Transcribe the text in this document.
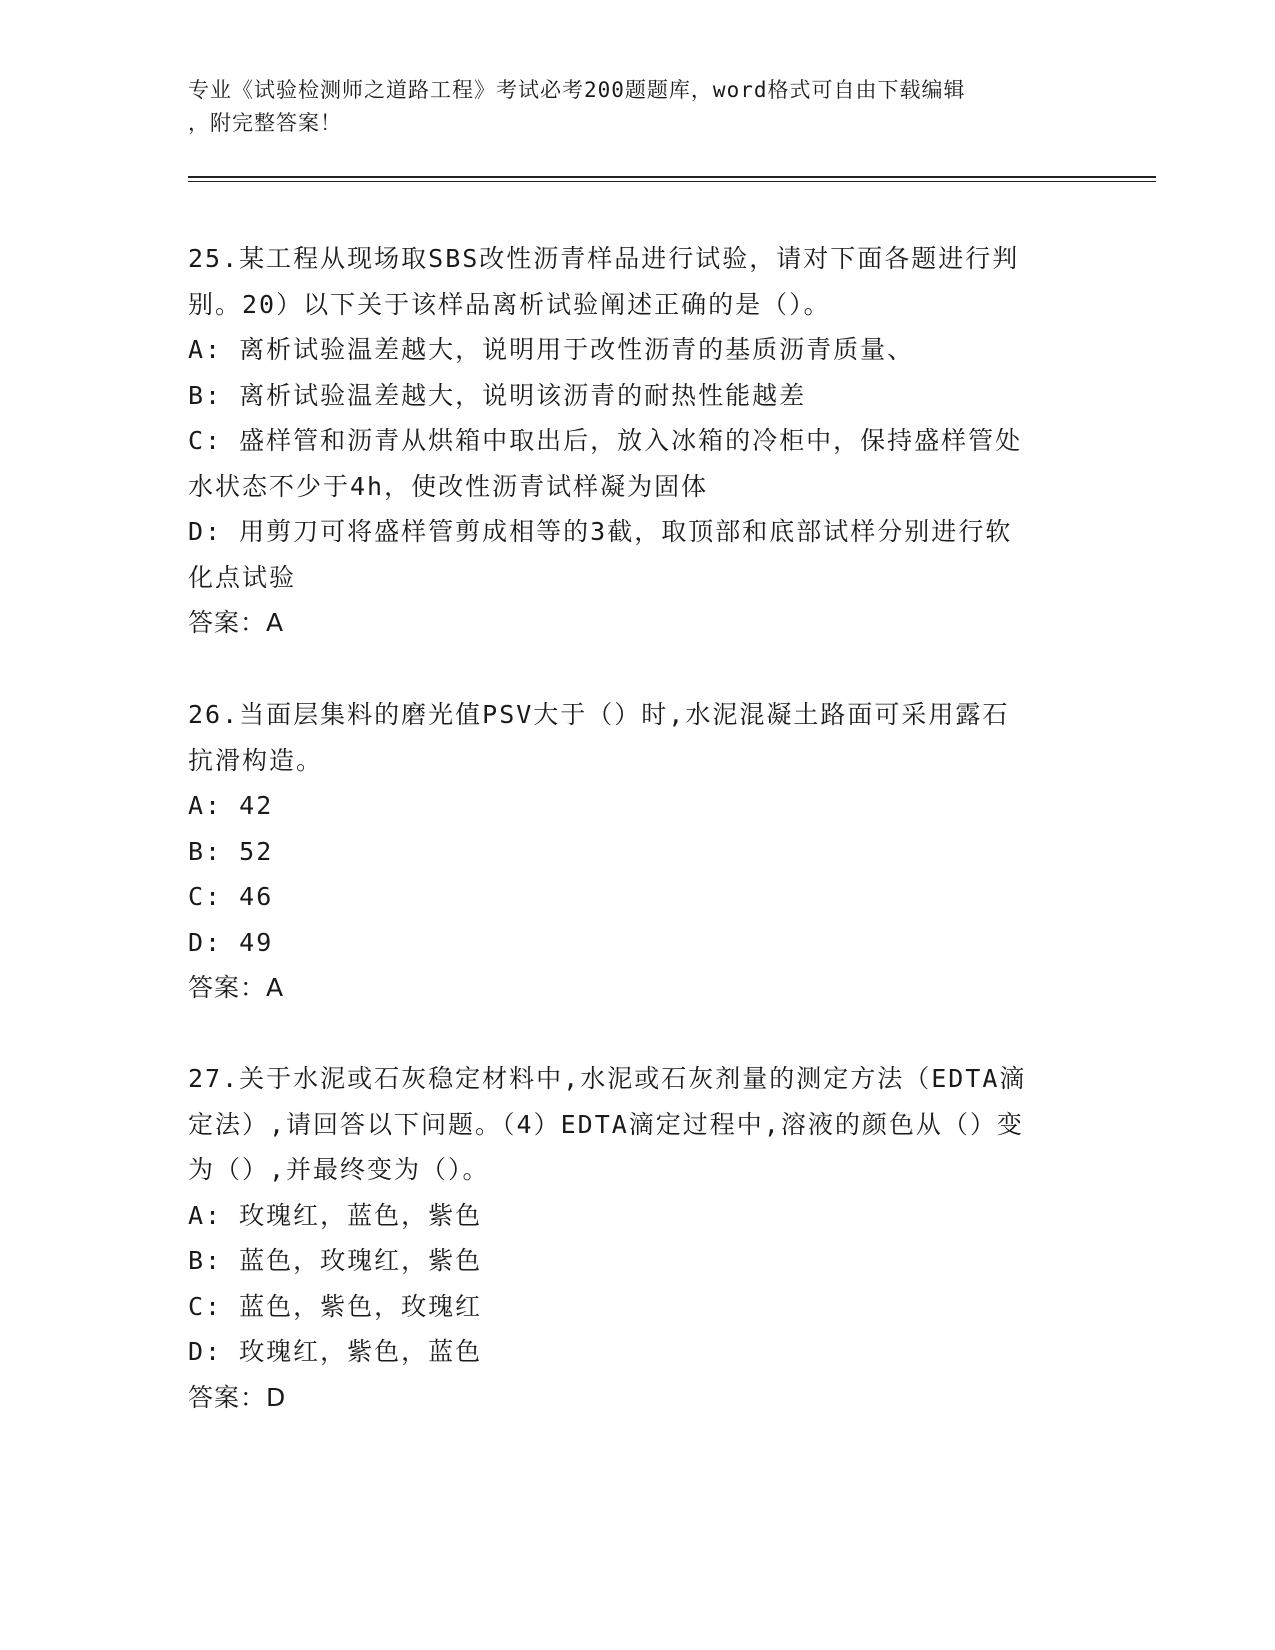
专业《试验检测师之道路工程》考试必考200题题库，word格式可自由下载编辑
，附完整答案！
25.某工程从现场取SBS改性沥青样品进行试验，请对下面各题进行判
别。20）以下关于该样品离析试验阐述正确的是（）。
A: 离析试验温差越大，说明用于改性沥青的基质沥青质量、
B: 离析试验温差越大，说明该沥青的耐热性能越差
C: 盛样管和沥青从烘箱中取出后，放入冰箱的冷柜中，保持盛样管处
水状态不少于4h，使改性沥青试样凝为固体
D: 用剪刀可将盛样管剪成相等的3截，取顶部和底部试样分别进行软
化点试验
答案：A
26.当面层集料的磨光值PSV大于（）时,水泥混凝土路面可采用露石
抗滑构造。
A: 42
B: 52
C: 46
D: 49
答案：A
27.关于水泥或石灰稳定材料中,水泥或石灰剂量的测定方法（EDTA滴
定法）,请回答以下问题。（4）EDTA滴定过程中,溶液的颜色从（）变
为（）,并最终变为（）。
A: 玫瑰红，蓝色，紫色
B: 蓝色，玫瑰红，紫色
C: 蓝色，紫色，玫瑰红
D: 玫瑰红，紫色，蓝色
答案：D
